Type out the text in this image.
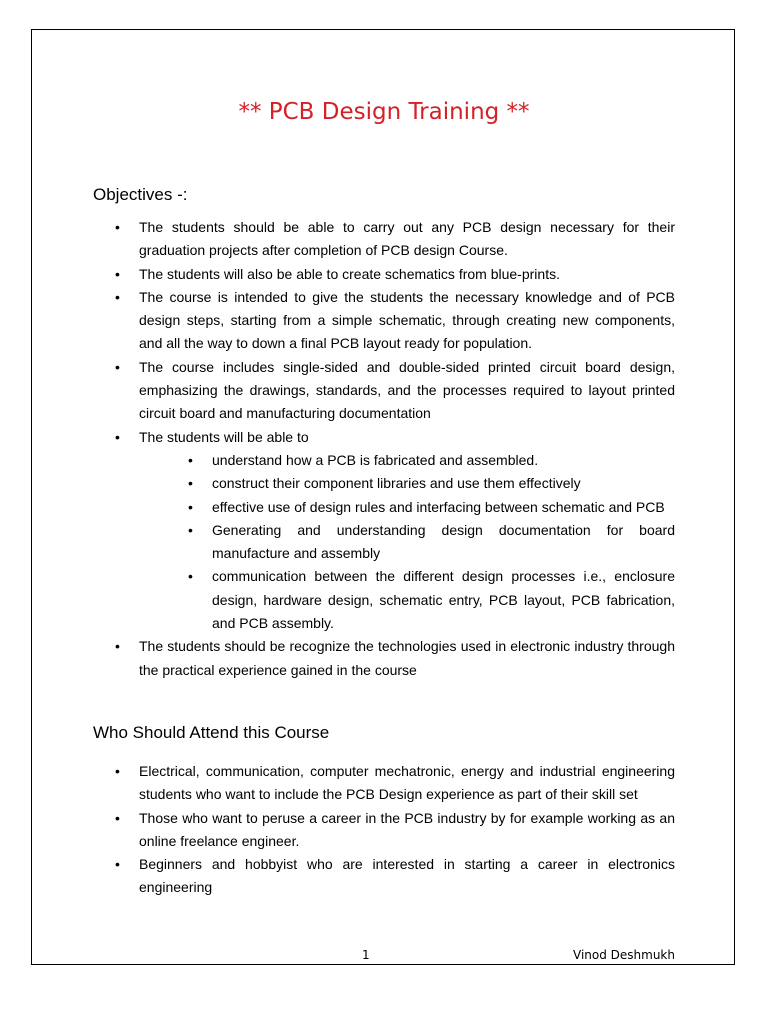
** PCB Design Training **
Objectives -:
• The students should be able to carry out any PCB design necessary for their graduation projects after completion of PCB design Course.
• The students will also be able to create schematics from blue-prints.
• The course is intended to give the students the necessary knowledge and of PCB design steps, starting from a simple schematic, through creating new components, and all the way to down a final PCB layout ready for population.
• The course includes single-sided and double-sided printed circuit board design, emphasizing the drawings, standards, and the processes required to layout printed circuit board and manufacturing documentation
• The students will be able to
• understand how a PCB is fabricated and assembled.
• construct their component libraries and use them effectively
• effective use of design rules and interfacing between schematic and PCB
• Generating and understanding design documentation for board manufacture and assembly
• communication between the different design processes i.e., enclosure design, hardware design, schematic entry, PCB layout, PCB fabrication, and PCB assembly.
• The students should be recognize the technologies used in electronic industry through the practical experience gained in the course
Who Should Attend this Course
• Electrical, communication, computer mechatronic, energy and industrial engineering students who want to include the PCB Design experience as part of their skill set
• Those who want to peruse a career in the PCB industry by for example working as an online freelance engineer.
• Beginners and hobbyist who are interested in starting a career in electronics engineering
1	Vinod Deshmukh
